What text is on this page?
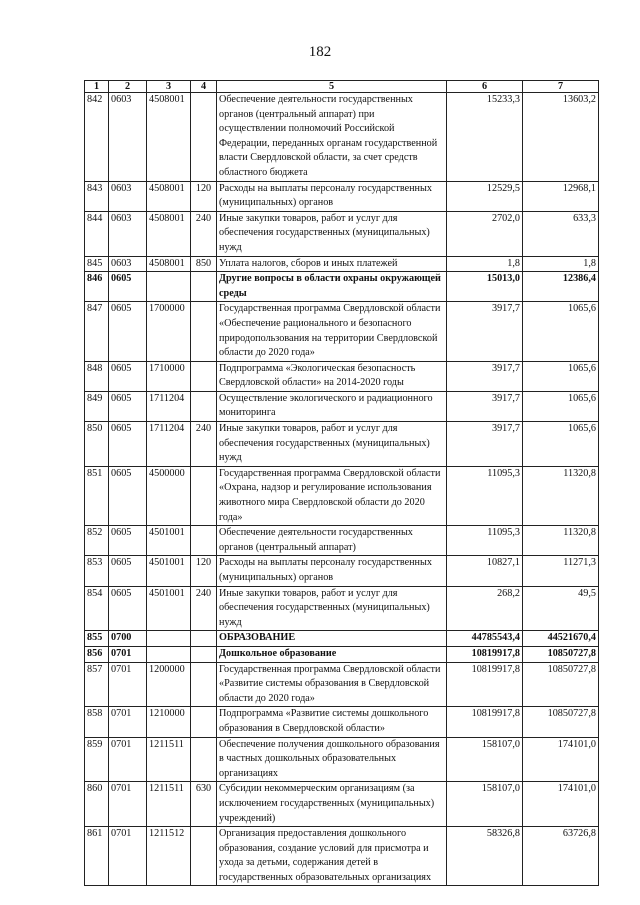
182
1	2	3	4	5	6	7
842	0603	4508001		Обеспечение деятельности государственных органов (центральный аппарат) при осуществлении полномочий Российской Федерации, переданных органам государственной власти Свердловской области, за счет средств областного бюджета	15233,3	13603,2
843	0603	4508001	120	Расходы на выплаты персоналу государственных (муниципальных) органов	12529,5	12968,1
844	0603	4508001	240	Иные закупки товаров, работ и услуг для обеспечения государственных (муниципальных) нужд	2702,0	633,3
845	0603	4508001	850	Уплата налогов, сборов и иных платежей	1,8	1,8
846	0605			Другие вопросы в области охраны окружающей среды	15013,0	12386,4
847	0605	1700000		Государственная программа Свердловской области «Обеспечение рационального и безопасного природопользования на территории Свердловской области до 2020 года»	3917,7	1065,6
848	0605	1710000		Подпрограмма «Экологическая безопасность Свердловской области» на 2014-2020 годы	3917,7	1065,6
849	0605	1711204		Осуществление экологического и радиационного мониторинга	3917,7	1065,6
850	0605	1711204	240	Иные закупки товаров, работ и услуг для обеспечения государственных (муниципальных) нужд	3917,7	1065,6
851	0605	4500000		Государственная программа Свердловской области «Охрана, надзор и регулирование использования животного мира Свердловской области до 2020 года»	11095,3	11320,8
852	0605	4501001		Обеспечение деятельности государственных органов (центральный аппарат)	11095,3	11320,8
853	0605	4501001	120	Расходы на выплаты персоналу государственных (муниципальных) органов	10827,1	11271,3
854	0605	4501001	240	Иные закупки товаров, работ и услуг для обеспечения государственных (муниципальных) нужд	268,2	49,5
855	0700			ОБРАЗОВАНИЕ	44785543,4	44521670,4
856	0701			Дошкольное образование	10819917,8	10850727,8
857	0701	1200000		Государственная программа Свердловской области «Развитие системы образования в Свердловской области до 2020 года»	10819917,8	10850727,8
858	0701	1210000		Подпрограмма «Развитие системы дошкольного образования в Свердловской области»	10819917,8	10850727,8
859	0701	1211511		Обеспечение получения дошкольного образования в частных дошкольных образовательных организациях	158107,0	174101,0
860	0701	1211511	630	Субсидии некоммерческим организациям (за исключением государственных (муниципальных) учреждений)	158107,0	174101,0
861	0701	1211512		Организация предоставления дошкольного образования, создание условий для присмотра и ухода за детьми, содержания детей в государственных образовательных организациях	58326,8	63726,8
